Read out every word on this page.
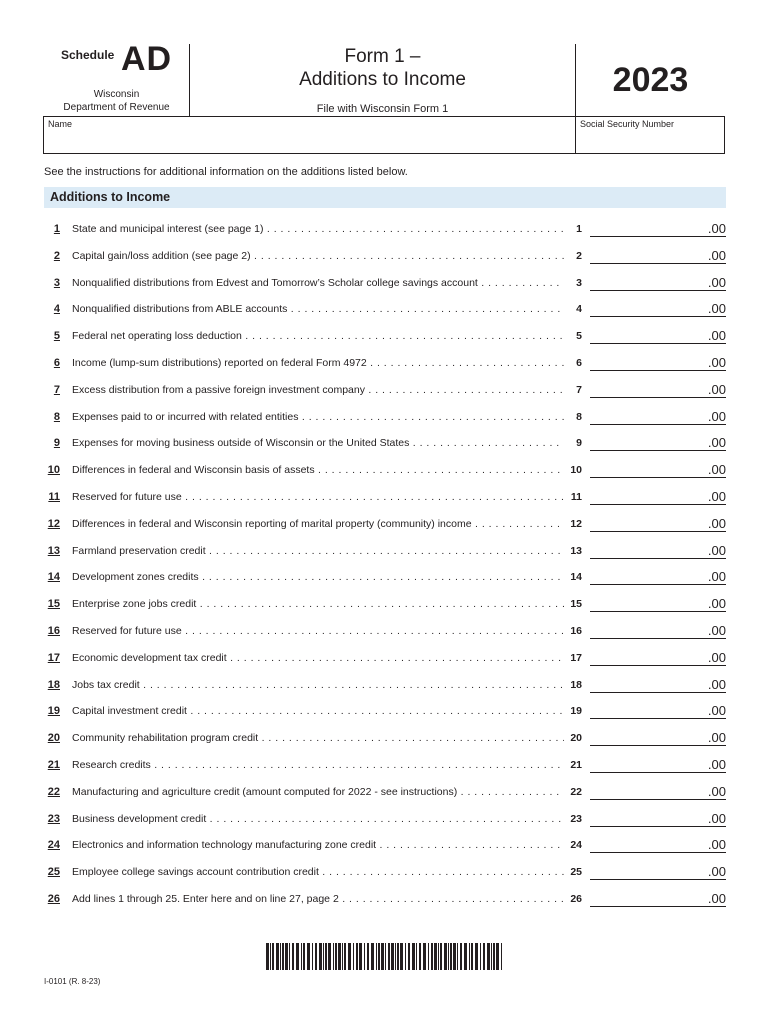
Schedule AD
Wisconsin
Department of Revenue
Form 1 –
Additions to Income
File with Wisconsin Form 1
2023
Name	Social Security Number
See the instructions for additional information on the additions listed below.
Additions to Income
1 State and municipal interest (see page 1) . . .	1	.00
2 Capital gain/loss addition (see page 2) . . .	2	.00
3 Nonqualified distributions from Edvest and Tomorrow’s Scholar college savings account . . .	3	.00
4 Nonqualified distributions from ABLE accounts . . .	4	.00
5 Federal net operating loss deduction . . .	5	.00
6 Income (lump-sum distributions) reported on federal Form 4972 . . .	6	.00
7 Excess distribution from a passive foreign investment company . . .	7	.00
8 Expenses paid to or incurred with related entities . . .	8	.00
9 Expenses for moving business outside of Wisconsin or the United States . . .	9	.00
10 Differences in federal and Wisconsin basis of assets . . .	10	.00
11 Reserved for future use . . .	11	.00
12 Differences in federal and Wisconsin reporting of marital property (community) income . . .	12	.00
13 Farmland preservation credit . . .	13	.00
14 Development zones credits . . .	14	.00
15 Enterprise zone jobs credit . . .	15	.00
16 Reserved for future use . . .	16	.00
17 Economic development tax credit . . .	17	.00
18 Jobs tax credit . . .	18	.00
19 Capital investment credit . . .	19	.00
20 Community rehabilitation program credit . . .	20	.00
21 Research credits . . .	21	.00
22 Manufacturing and agriculture credit (amount computed for 2022 - see instructions) . . .	22	.00
23 Business development credit . . .	23	.00
24 Electronics and information technology manufacturing zone credit . . .	24	.00
25 Employee college savings account contribution credit . . .	25	.00
26 Add lines 1 through 25. Enter here and on line 27, page 2 . . .	26	.00
I-0101 (R. 8-23)
